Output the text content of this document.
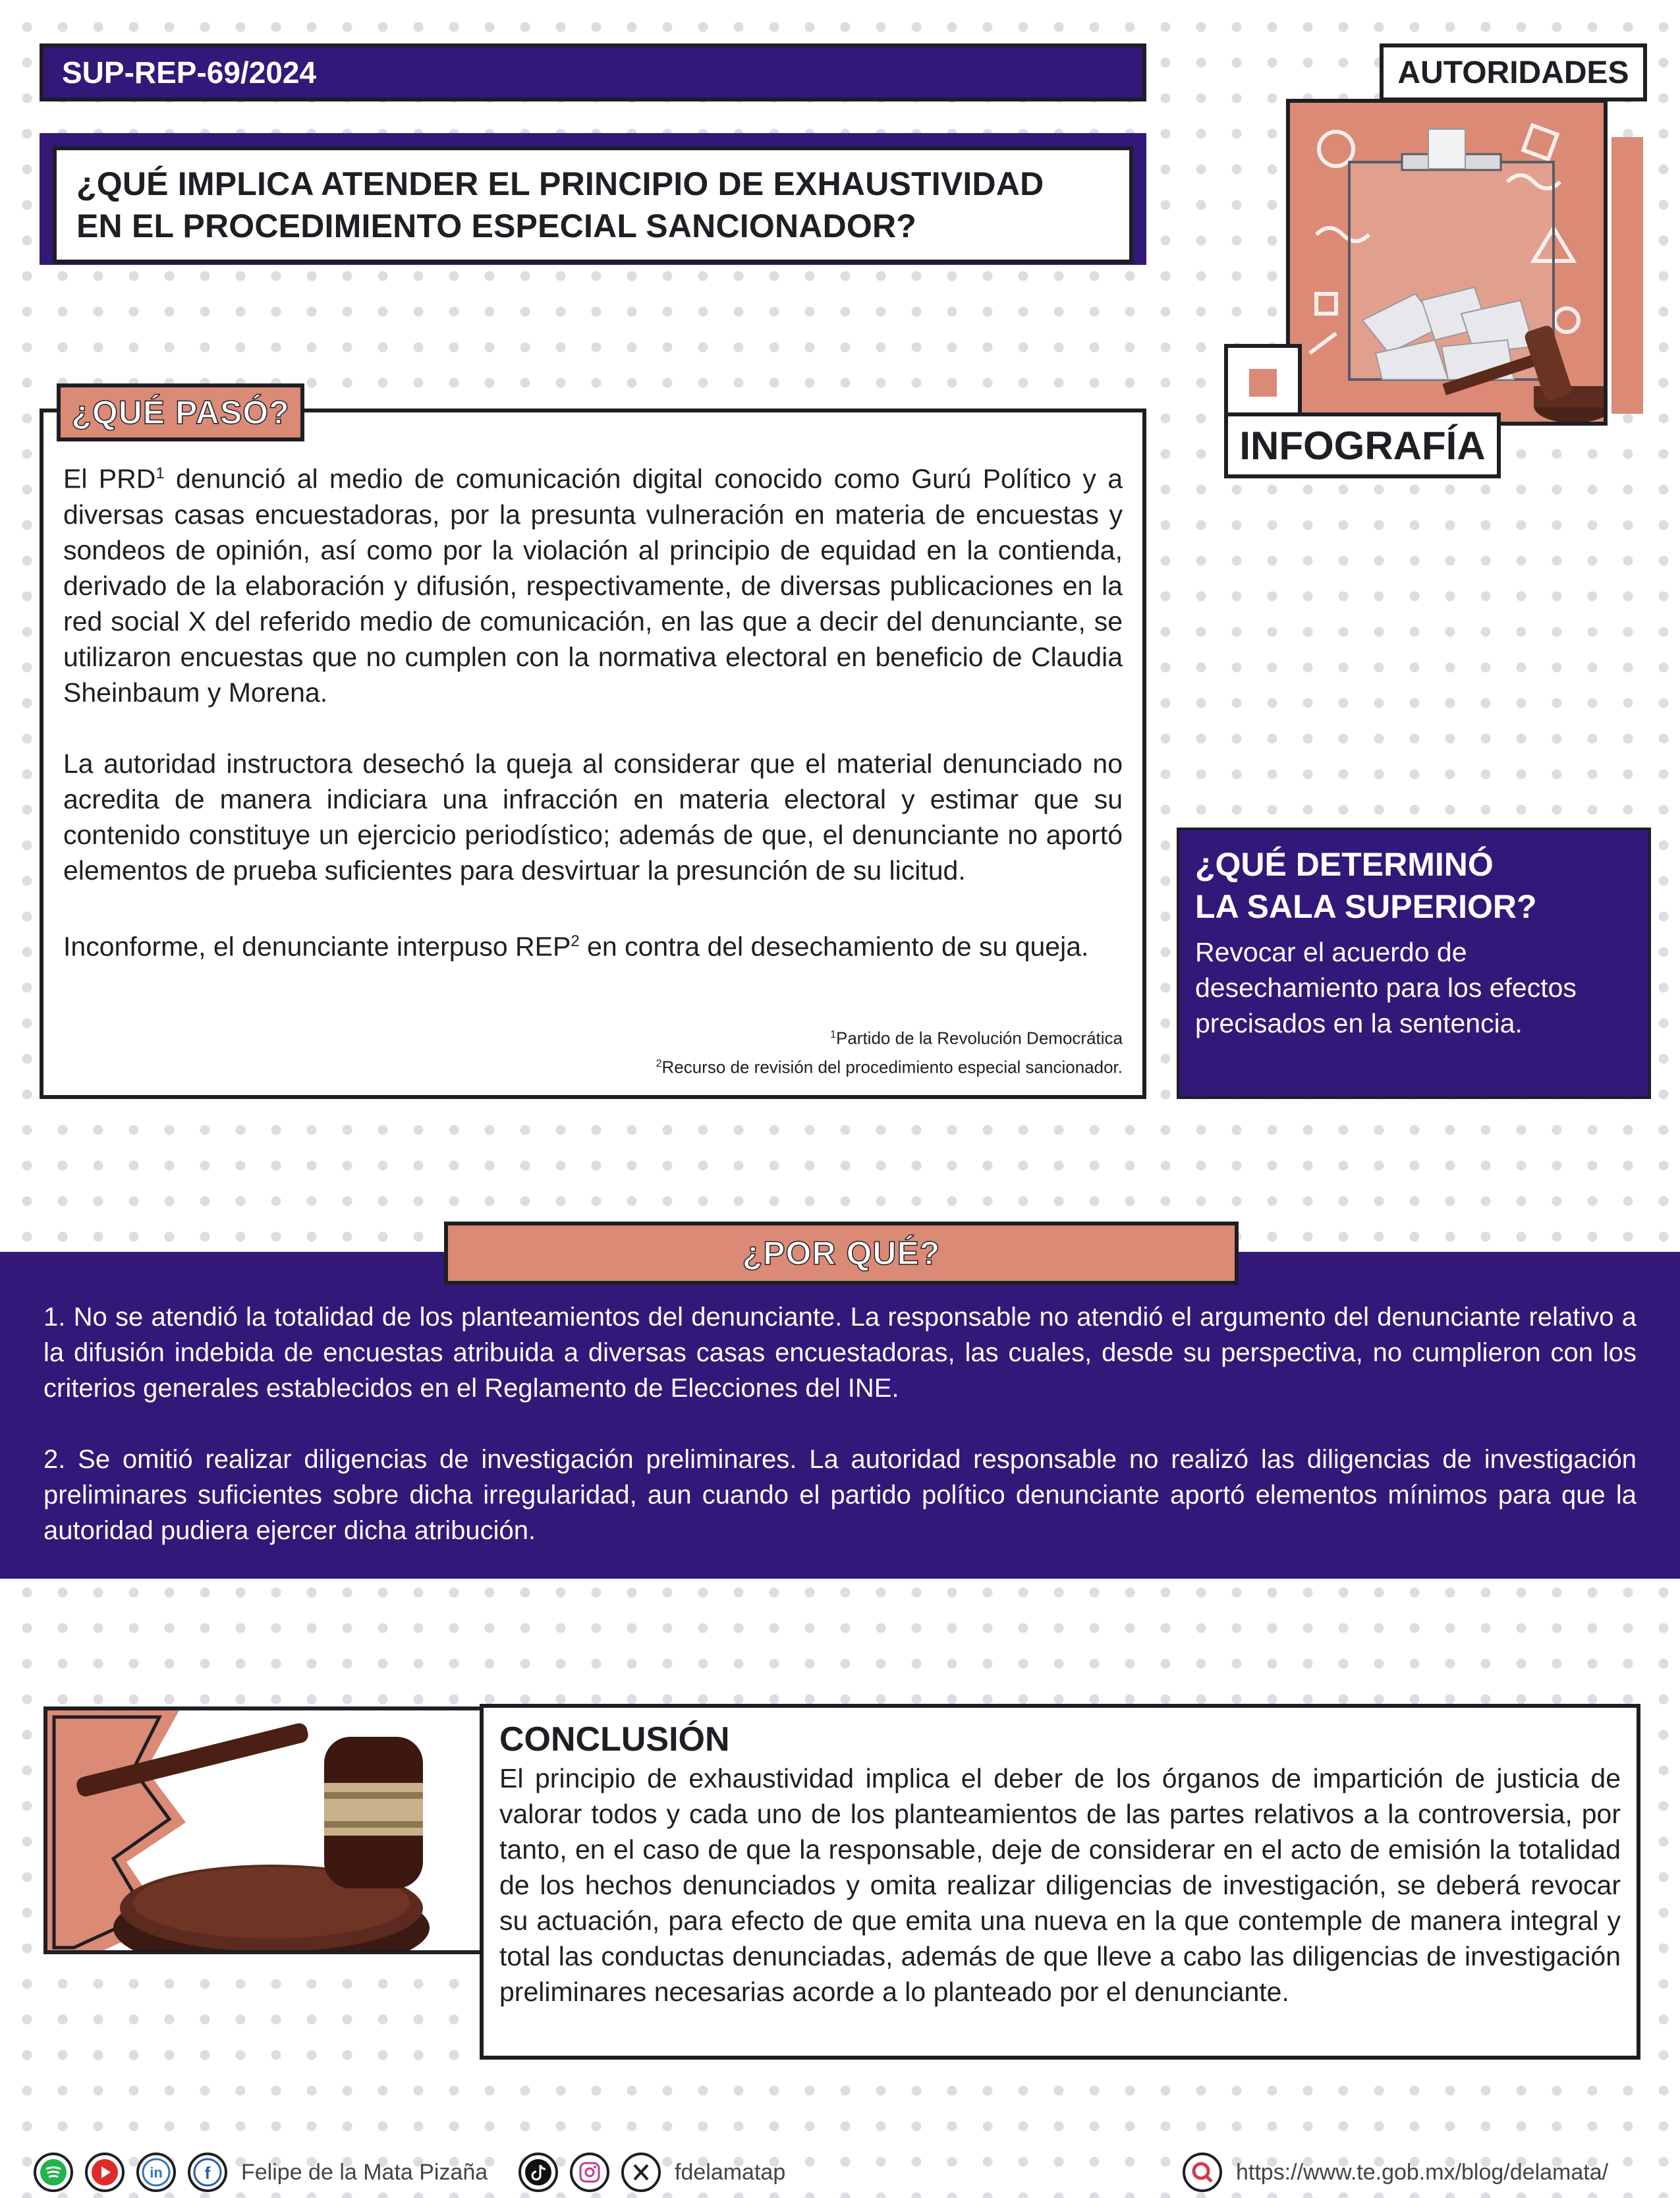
SUP-REP-69/2024
¿QUÉ IMPLICA ATENDER EL PRINCIPIO DE EXHAUSTIVIDAD
EN EL PROCEDIMIENTO ESPECIAL SANCIONADOR?
AUTORIDADES
INFOGRAFÍA

El PRD$^1$ denunció al medio de comunicación digital conocido como Gurú Político y a diversas casas encuestadoras, por la presunta vulneración en materia de encuestas y sondeos de opinión, así como por la violación al principio de equidad en la contienda, derivado de la elaboración y difusión, respectivamente, de diversas publicaciones en la red social X del referido medio de comunicación, en las que a decir del denunciante, se utilizaron encuestas que no cumplen con la normativa electoral en beneficio de Claudia Sheinbaum y Morena.

La autoridad instructora desechó la queja al considerar que el material denunciado no acredita de manera indiciara una infracción en materia electoral y estimar que su contenido constituye un ejercicio periodístico; además de que, el denunciante no aportó elementos de prueba suficientes para desvirtuar la presunción de su licitud.

Inconforme, el denunciante interpuso REP$^2$ en contra del desechamiento de su queja.

$^1$Partido de la Revolución Democrática
$^2$Recurso de revisión del procedimiento especial sancionador.
¿QUÉ PASÓ?
¿QUÉ DETERMINÓ
LA SALA SUPERIOR?
Revocar el acuerdo de desechamiento para los efectos precisados en la sentencia.

1. No se atendió la totalidad de los planteamientos del denunciante. La responsable no atendió el argumento del denunciante relativo a la difusión indebida de encuestas atribuida a diversas casas encuestadoras, las cuales, desde su perspectiva, no cumplieron con los criterios generales establecidos en el Reglamento de Elecciones del INE.

2. Se omitió realizar diligencias de investigación preliminares. La autoridad responsable no realizó las diligencias de investigación preliminares suficientes sobre dicha irregularidad, aun cuando el partido político denunciante aportó elementos mínimos para que la autoridad pudiera ejercer dicha atribución.

¿POR QUÉ?
CONCLUSIÓN

El principio de exhaustividad implica el deber de los órganos de impartición de justicia de valorar todos y cada uno de los planteamientos de las partes relativos a la controversia, por tanto, en el caso de que la responsable, deje de considerar en el acto de emisión la totalidad de los hechos denunciados y omita realizar diligencias de investigación, se deberá revocar su actuación, para efecto de que emita una nueva en la que contemple de manera integral y total las conductas denunciadas, además de que lleve a cabo las diligencias de investigación preliminares necesarias acorde a lo planteado por el denunciante.

in f Felipe de la Mata Pizaña	fdelamatap	https://www.te.gob.mx/blog/delamata/
